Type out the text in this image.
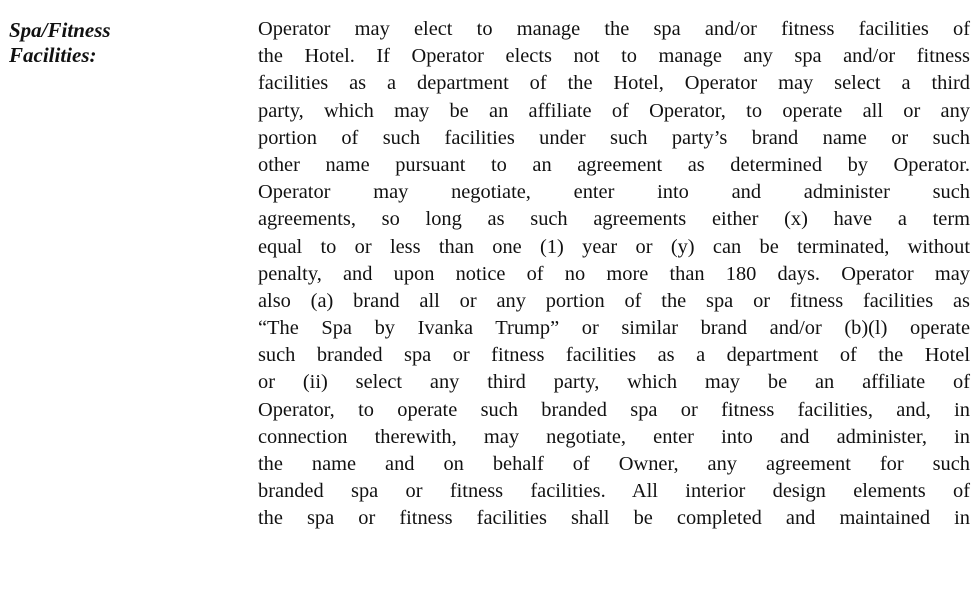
Spa/Fitness
Facilities:
Operator may elect to manage the spa and/or fitness facilities of
the Hotel. If Operator elects not to manage any spa and/or fitness
facilities as a department of the Hotel, Operator may select a third
party, which may be an affiliate of Operator, to operate all or any
portion of such facilities under such party’s brand name or such
other name pursuant to an agreement as determined by Operator.
Operator may negotiate, enter into and administer such
agreements, so long as such agreements either (x) have a term
equal to or less than one (1) year or (y) can be terminated, without
penalty, and upon notice of no more than 180 days. Operator may
also (a) brand all or any portion of the spa or fitness facilities as
“The Spa by Ivanka Trump” or similar brand and/or (b)(l) operate
such branded spa or fitness facilities as a department of the Hotel
or (ii) select any third party, which may be an affiliate of
Operator, to operate such branded spa or fitness facilities, and, in
connection therewith, may negotiate, enter into and administer, in
the name and on behalf of Owner, any agreement for such
branded spa or fitness facilities. All interior design elements of
the spa or fitness facilities shall be completed and maintained in
